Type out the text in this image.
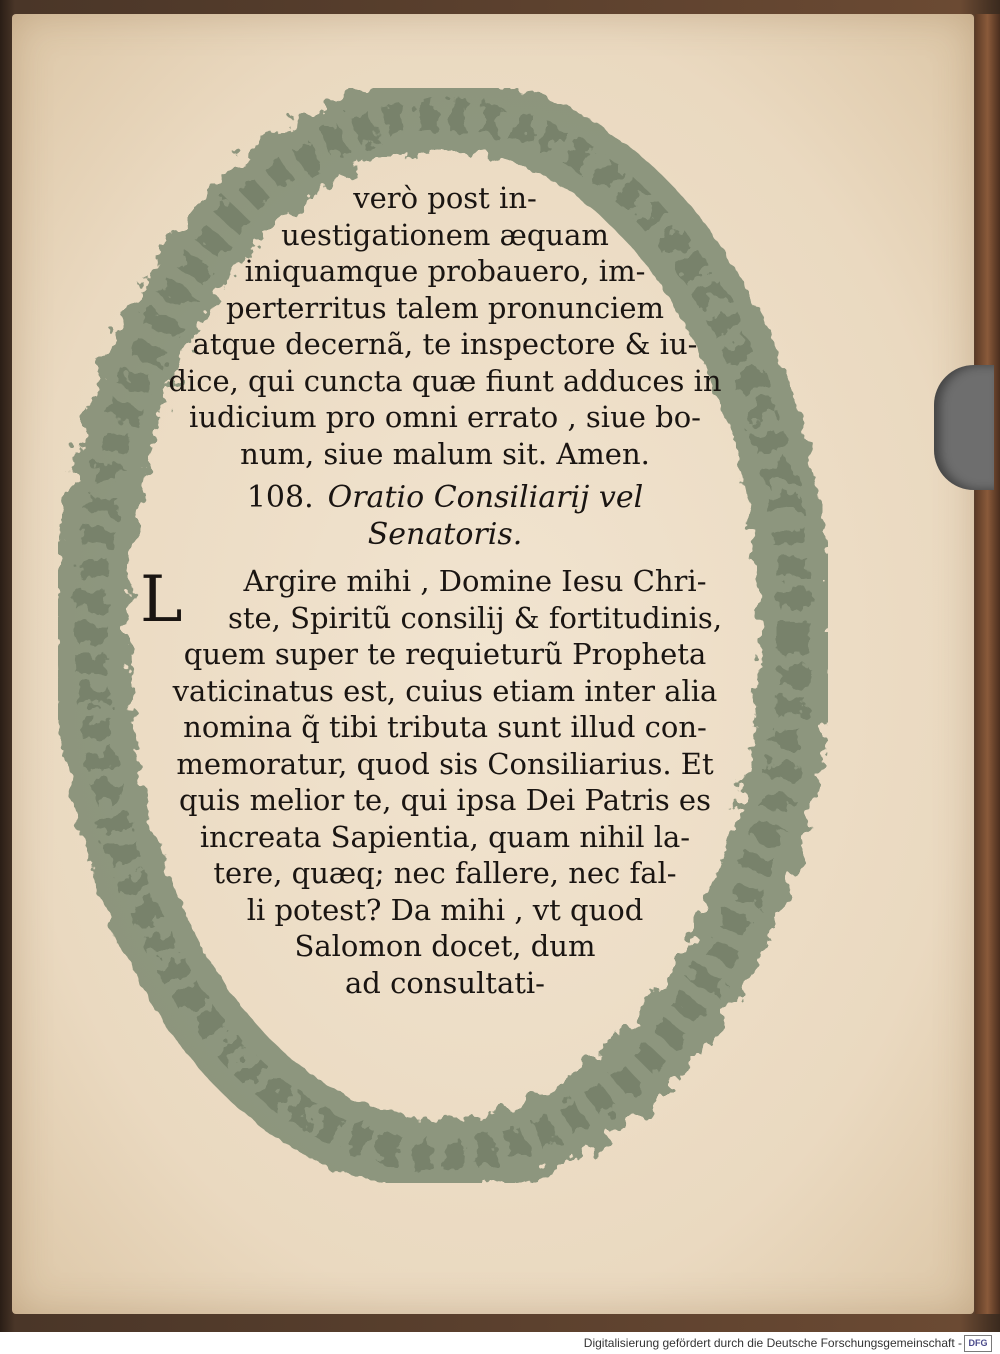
verò post in-
uestigationem æquam
iniquamque probauero, im-
perterritus talem pronunciem
atque decernã, te inspectore & iu-
dice, qui cuncta quæ fiunt adduces in
iudicium pro omni errato , siue bo-
num, siue malum sit. Amen.
108. Oratio Consiliarij vel
Senatoris.
L	Argire mihi , Domine Iesu Chri-
ste, Spiritũ consilij & fortitudinis,
quem super te requieturũ Propheta
vaticinatus est, cuius etiam inter alia
nomina q̃ tibi tributa sunt illud con-
memoratur, quod sis Consiliarius. Et
quis melior te, qui ipsa Dei Patris es
increata Sapientia, quam nihil la-
tere, quæq; nec fallere, nec fal-
li potest? Da mihi , vt quod
Salomon docet, dum
ad consultati-
Digitalisierung gefördert durch die Deutsche Forschungsgemeinschaft - DFG
